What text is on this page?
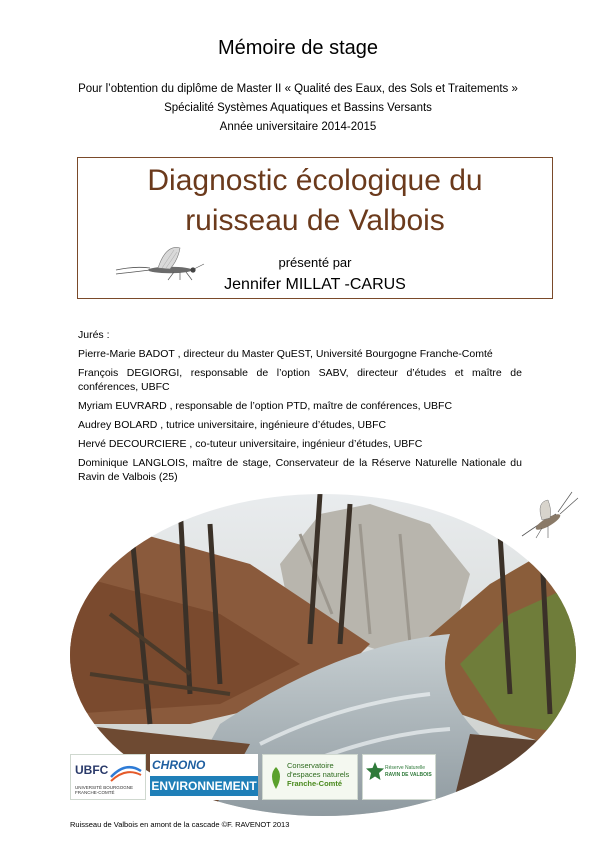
Mémoire de stage
Pour l’obtention du diplôme de Master II « Qualité des Eaux, des Sols et Traitements »
Spécialité Systèmes Aquatiques et Bassins Versants
Année universitaire 2014-2015
Diagnostic écologique du
ruisseau de Valbois
présenté par
Jennifer MILLAT -CARUS
Jurés :
Pierre-Marie BADOT , directeur du Master QuEST, Université Bourgogne Franche-Comté
François DEGIORGI, responsable de l’option SABV, directeur d’études et maître de conférences, UBFC
Myriam EUVRARD , responsable de l’option PTD, maître de conférences, UBFC
Audrey BOLARD , tutrice universitaire, ingénieure d’études, UBFC
Hervé DECOURCIERE , co-tuteur universitaire, ingénieur d’études, UBFC
Dominique LANGLOIS, maître de stage, Conservateur de la Réserve Naturelle Nationale du Ravin de Valbois (25)
UBFC
UNIVERSITÉ BOURGOGNE FRANCHE-COMTÉ
CHRONO
ENVIRONNEMENT
Conservatoire
d'espaces naturels
Franche-Comté
Réserve Naturelle
RAVIN DE VALBOIS
Ruisseau de Valbois en amont de la cascade ©F. RAVENOT 2013
